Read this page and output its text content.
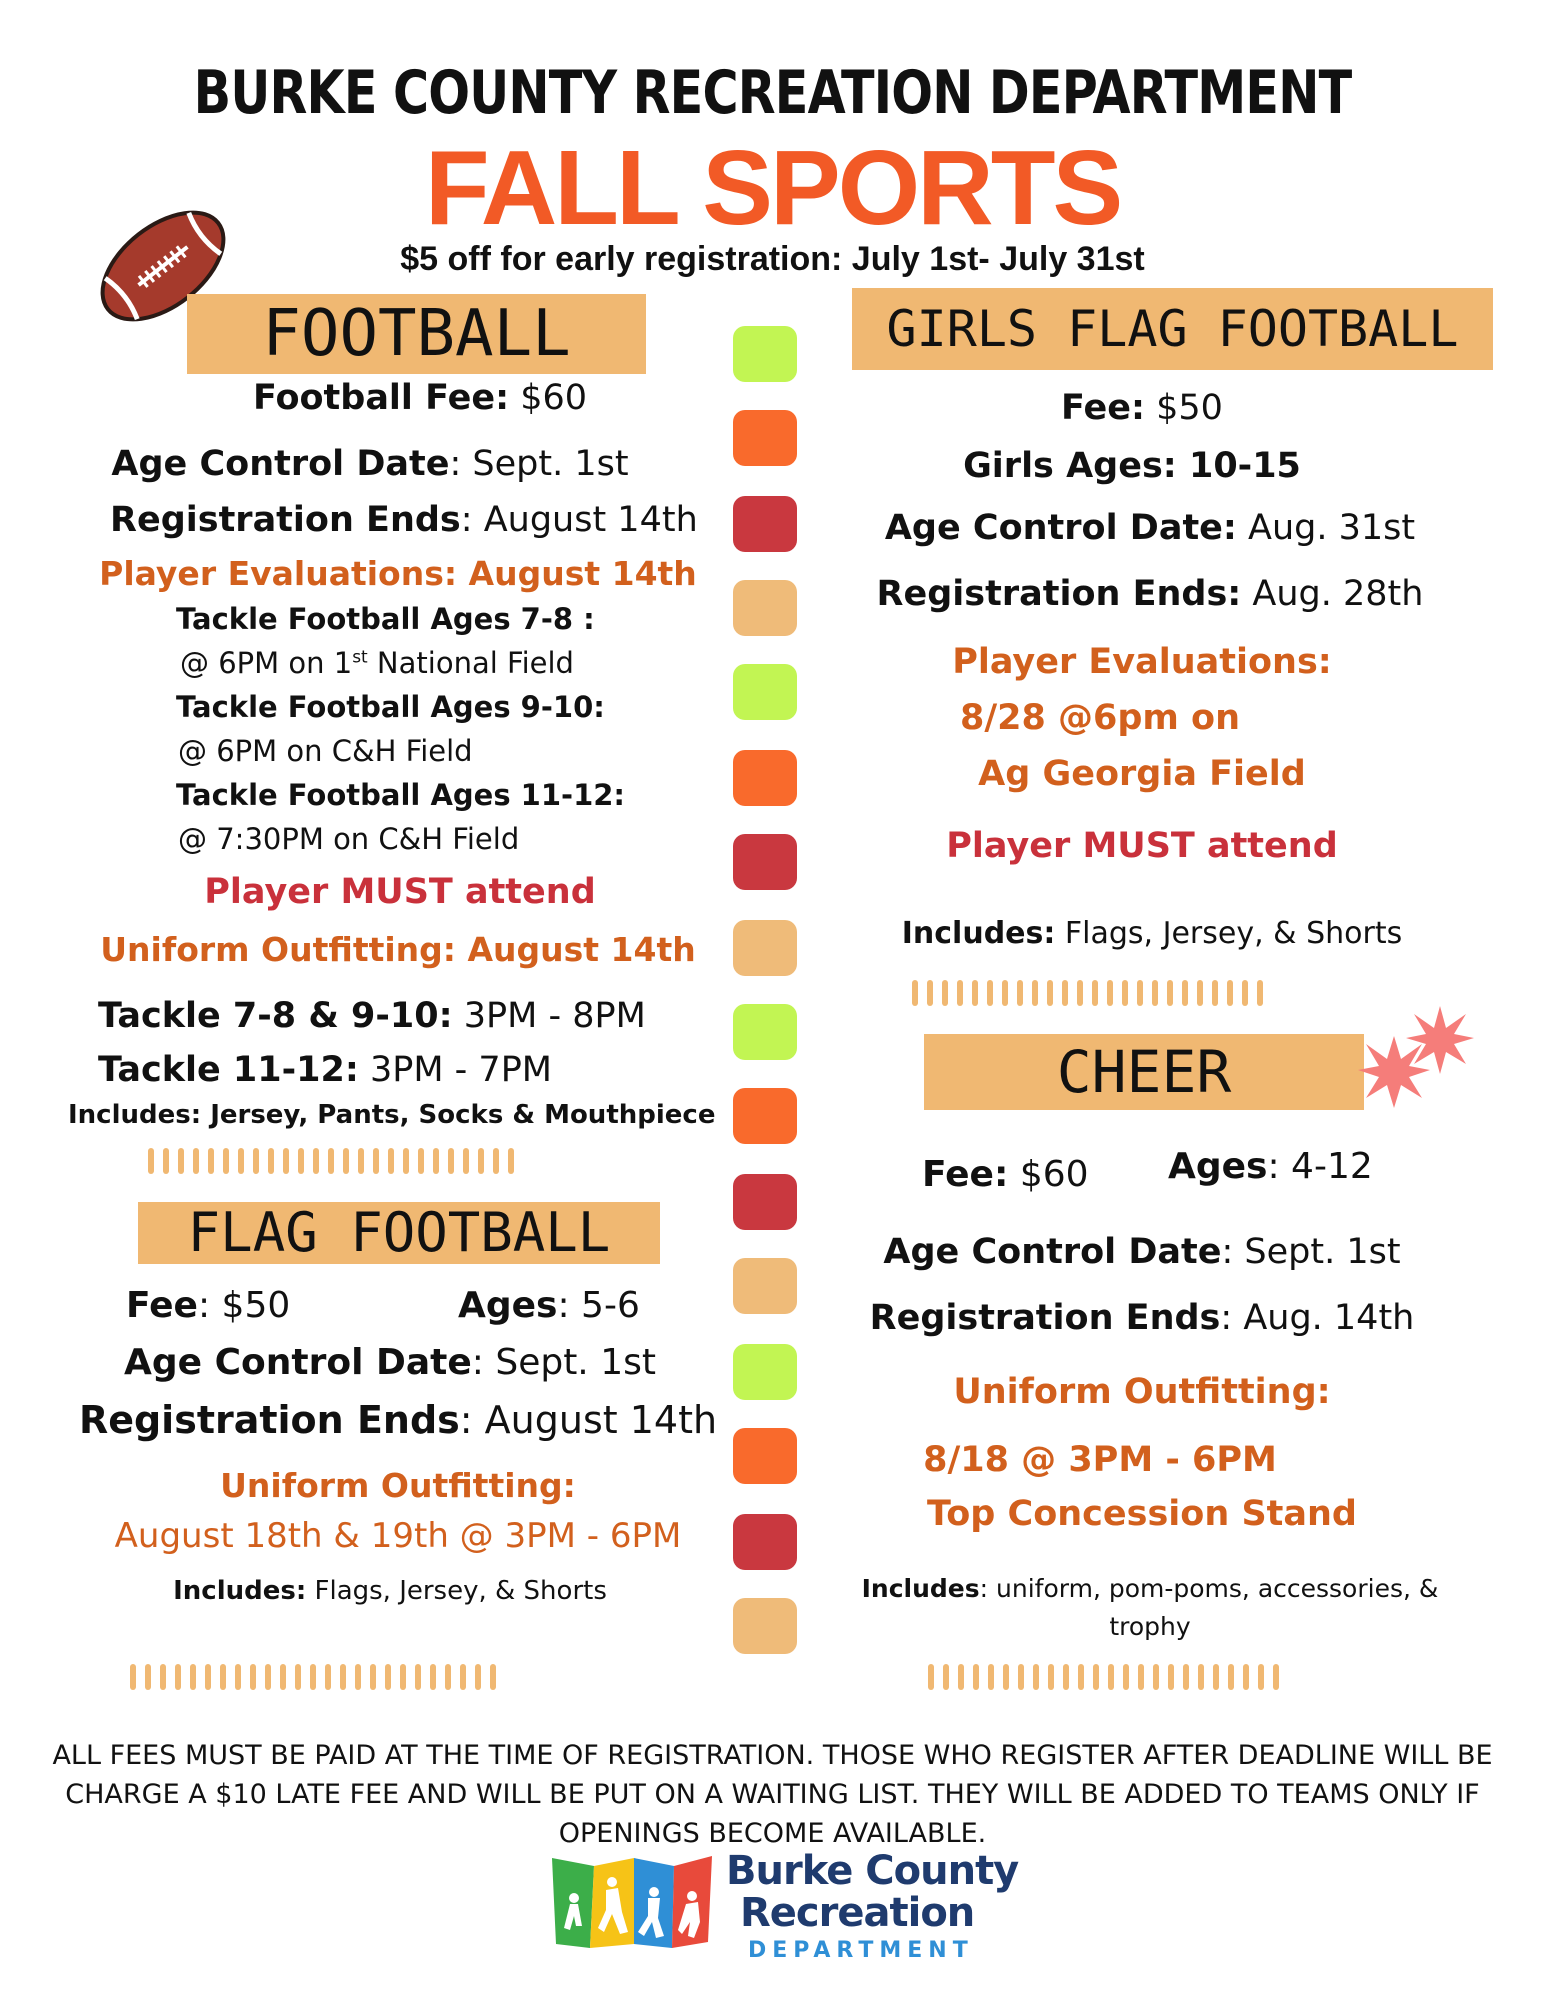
BURKE COUNTY RECREATION DEPARTMENT
FALL SPORTS
$5 off for early registration: July 1st- July 31st
FOOTBALL
Football Fee: $60
Age Control Date: Sept. 1st
Registration Ends: August 14th
Player Evaluations: August 14th
Tackle Football Ages 7-8 :
@ 6PM on 1st National Field
Tackle Football Ages 9-10:
@ 6PM on C&H Field
Tackle Football Ages 11-12:
@ 7:30PM on C&H Field
Player MUST attend
Uniform Outfitting: August 14th
Tackle 7-8 & 9-10: 3PM - 8PM
Tackle 11-12: 3PM - 7PM
Includes: Jersey, Pants, Socks & Mouthpiece
FLAG FOOTBALL
Fee: $50	Ages: 5-6
Age Control Date: Sept. 1st
Registration Ends: August 14th
Uniform Outfitting:
August 18th & 19th @ 3PM - 6PM
Includes: Flags, Jersey, & Shorts
GIRLS FLAG FOOTBALL
Fee: $50
Girls Ages: 10-15
Age Control Date: Aug. 31st
Registration Ends: Aug. 28th
Player Evaluations:
8/28 @6pm on
Ag Georgia Field
Player MUST attend
Includes: Flags, Jersey, & Shorts
CHEER
Fee: $60 Ages: 4-12
Age Control Date: Sept. 1st
Registration Ends: Aug. 14th
Uniform Outfitting:
8/18 @ 3PM - 6PM
Top Concession Stand
Includes: uniform, pom-poms, accessories, &
trophy
ALL FEES MUST BE PAID AT THE TIME OF REGISTRATION. THOSE WHO REGISTER AFTER DEADLINE WILL BE CHARGE A $10 LATE FEE AND WILL BE PUT ON A WAITING LIST. THEY WILL BE ADDED TO TEAMS ONLY IF OPENINGS BECOME AVAILABLE.
Burke County
Recreation
DEPARTMENT
